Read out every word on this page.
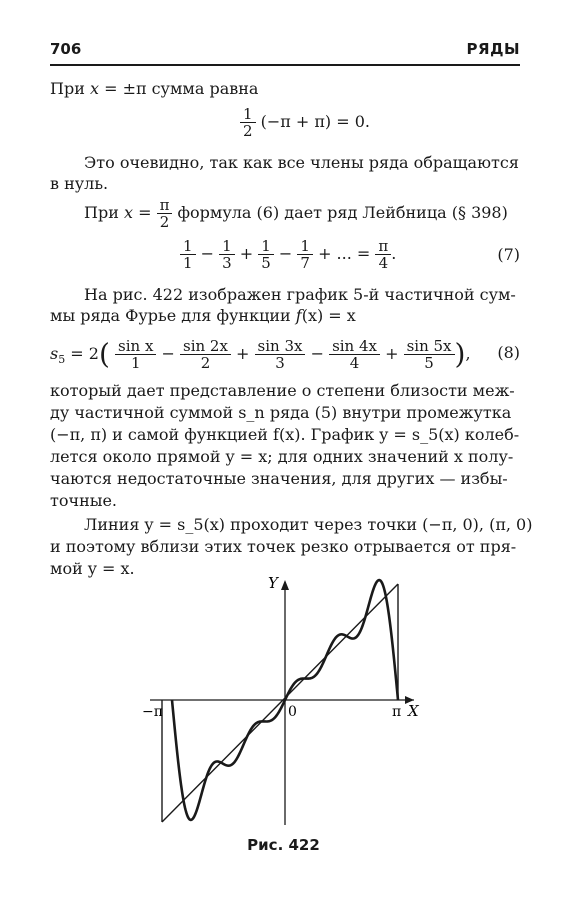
706	РЯДЫ
При x = ±π сумма равна
$\frac{1}{2} (-\pi + \pi) = 0$.
Это очевидно, так как все члены ряда обращаются
в нуль.
При $x = \frac{\pi}{2}$ формула (6) дает ряд Лейбница (§ 398)
$\frac{1}{1} - \frac{1}{3} + \frac{1}{5} - \frac{1}{7}$ + ... = $\frac{\pi}{4}$ .	(7)
На рис. 422 изображен график 5-й частичной сум-
мы ряда Фурье для функции f(x) = x
$s_5 = 2( \frac{\text{sin x}}{1} - \frac{\sin 2x}{2} + \frac{\sin 3x}{3} - \frac{\sin 4x}{4} + \frac{\sin 5x}{5}$ ), (8)
который дает представление о степени близости меж-
ду частичной суммой s_n ряда (5) внутри промежутка
(−π, π) и самой функцией f(x). График y = s_5(x) колеб-
лется около прямой y = x; для одних значений x полу-
чаются недостаточные значения, для других — избы-
точные.
Линия y = s_5(x) проходит через точки (−π, 0), (π, 0)
и поэтому вблизи этих точек резко отрывается от пря-
мой y = x.
Y
X
0
−π	π
Рис. 422
